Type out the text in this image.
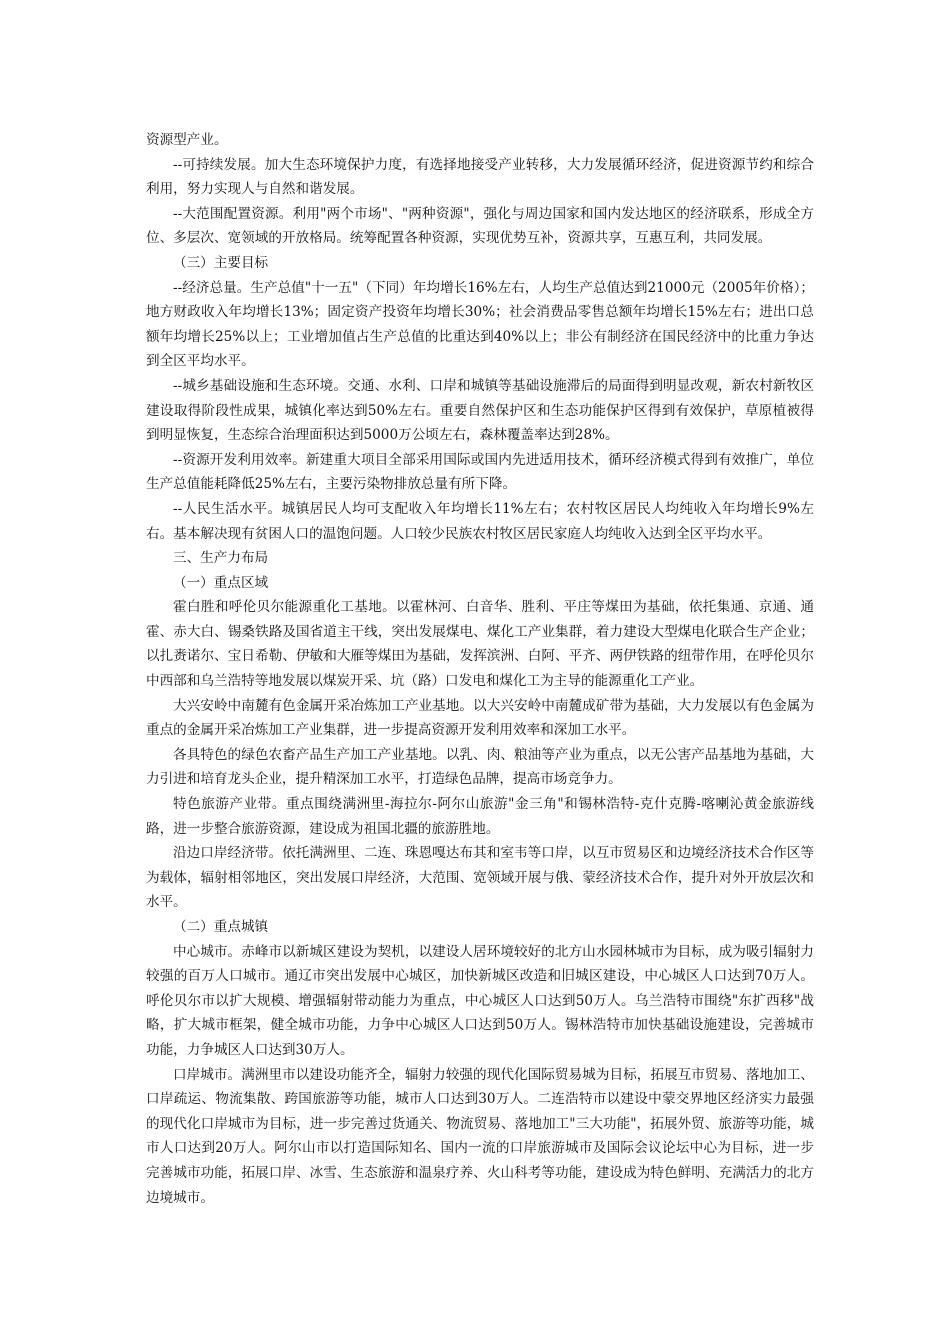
资源型产业。

--可持续发展。加大生态环境保护力度，有选择地接受产业转移，大力发展循环经济，促进资源节约和综合利用，努力实现人与自然和谐发展。

--大范围配置资源。利用"两个市场"、"两种资源"，强化与周边国家和国内发达地区的经济联系，形成全方位、多层次、宽领域的开放格局。统筹配置各种资源，实现优势互补，资源共享，互惠互利，共同发展。

（三）主要目标

--经济总量。生产总值"十一五"（下同）年均增长16%左右，人均生产总值达到21000元（2005年价格）；地方财政收入年均增长13%；固定资产投资年均增长30%；社会消费品零售总额年均增长15%左右；进出口总额年均增长25%以上；工业增加值占生产总值的比重达到40%以上；非公有制经济在国民经济中的比重力争达到全区平均水平。

--城乡基础设施和生态环境。交通、水利、口岸和城镇等基础设施滞后的局面得到明显改观，新农村新牧区建设取得阶段性成果，城镇化率达到50%左右。重要自然保护区和生态功能保护区得到有效保护，草原植被得到明显恢复，生态综合治理面积达到5000万公顷左右，森林覆盖率达到28%。

--资源开发利用效率。新建重大项目全部采用国际或国内先进适用技术，循环经济模式得到有效推广，单位生产总值能耗降低25%左右，主要污染物排放总量有所下降。

--人民生活水平。城镇居民人均可支配收入年均增长11%左右；农村牧区居民人均纯收入年均增长9%左右。基本解决现有贫困人口的温饱问题。人口较少民族农村牧区居民家庭人均纯收入达到全区平均水平。

三、生产力布局

（一）重点区域

霍白胜和呼伦贝尔能源重化工基地。以霍林河、白音华、胜利、平庄等煤田为基础，依托集通、京通、通霍、赤大白、锡桑铁路及国省道主干线，突出发展煤电、煤化工产业集群，着力建设大型煤电化联合生产企业；以扎赉诺尔、宝日希勒、伊敏和大雁等煤田为基础，发挥滨洲、白阿、平齐、两伊铁路的纽带作用，在呼伦贝尔中西部和乌兰浩特等地发展以煤炭开采、坑（路）口发电和煤化工为主导的能源重化工产业。

大兴安岭中南麓有色金属开采冶炼加工产业基地。以大兴安岭中南麓成矿带为基础，大力发展以有色金属为重点的金属开采冶炼加工产业集群，进一步提高资源开发利用效率和深加工水平。

各具特色的绿色农畜产品生产加工产业基地。以乳、肉、粮油等产业为重点，以无公害产品基地为基础，大力引进和培育龙头企业，提升精深加工水平，打造绿色品牌，提高市场竞争力。

特色旅游产业带。重点围绕满洲里-海拉尔-阿尔山旅游"金三角"和锡林浩特-克什克腾-喀喇沁黄金旅游线路，进一步整合旅游资源，建设成为祖国北疆的旅游胜地。

沿边口岸经济带。依托满洲里、二连、珠恩嘎达布其和室韦等口岸，以互市贸易区和边境经济技术合作区等为载体，辐射相邻地区，突出发展口岸经济，大范围、宽领域开展与俄、蒙经济技术合作，提升对外开放层次和水平。

（二）重点城镇

中心城市。赤峰市以新城区建设为契机，以建设人居环境较好的北方山水园林城市为目标，成为吸引辐射力较强的百万人口城市。通辽市突出发展中心城区，加快新城区改造和旧城区建设，中心城区人口达到70万人。呼伦贝尔市以扩大规模、增强辐射带动能力为重点，中心城区人口达到50万人。乌兰浩特市围绕"东扩西移"战略，扩大城市框架，健全城市功能，力争中心城区人口达到50万人。锡林浩特市加快基础设施建设，完善城市功能，力争城区人口达到30万人。

口岸城市。满洲里市以建设功能齐全，辐射力较强的现代化国际贸易城为目标，拓展互市贸易、落地加工、口岸疏运、物流集散、跨国旅游等功能，城市人口达到30万人。二连浩特市以建设中蒙交界地区经济实力最强的现代化口岸城市为目标，进一步完善过货通关、物流贸易、落地加工"三大功能"，拓展外贸、旅游等功能，城市人口达到20万人。阿尔山市以打造国际知名、国内一流的口岸旅游城市及国际会议论坛中心为目标，进一步完善城市功能，拓展口岸、冰雪、生态旅游和温泉疗养、火山科考等功能，建设成为特色鲜明、充满活力的北方边境城市。
